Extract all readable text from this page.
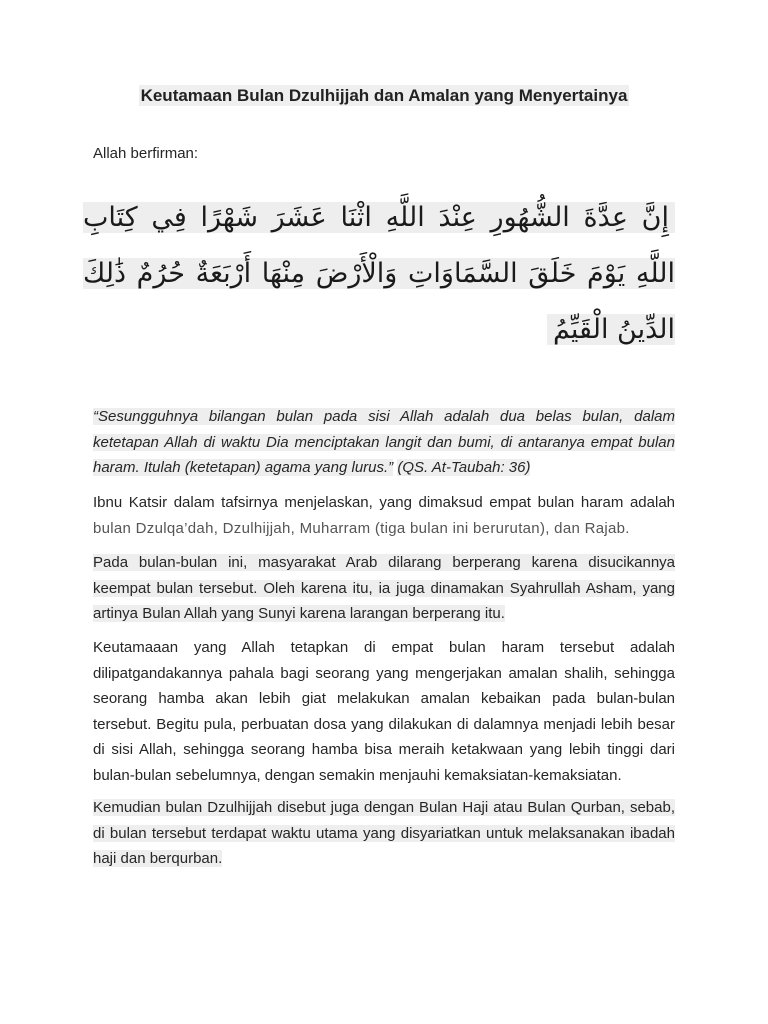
Keutamaan Bulan Dzulhijjah dan Amalan yang Menyertainya
Allah berfirman:
إِنَّ عِدَّةَ الشُّهُورِ عِنْدَ اللَّهِ اثْنَا عَشَرَ شَهْرًا فِي كِتَابِ اللَّهِ يَوْمَ خَلَقَ السَّمَاوَاتِ وَالْأَرْضَ مِنْهَا أَرْبَعَةٌ حُرُمٌ ذَٰلِكَ الدِّينُ الْقَيِّمُ
“Sesungguhnya bilangan bulan pada sisi Allah adalah dua belas bulan, dalam ketetapan Allah di waktu Dia menciptakan langit dan bumi, di antaranya empat bulan haram. Itulah (ketetapan) agama yang lurus.” (QS. At-Taubah: 36)
Ibnu Katsir dalam tafsirnya menjelaskan, yang dimaksud empat bulan haram adalah bulan Dzulqa’dah, Dzulhijjah, Muharram (tiga bulan ini berurutan), dan Rajab.
Pada bulan-bulan ini, masyarakat Arab dilarang berperang karena disucikannya keempat bulan tersebut. Oleh karena itu, ia juga dinamakan Syahrullah Asham, yang artinya Bulan Allah yang Sunyi karena larangan berperang itu.
Keutamaaan yang Allah tetapkan di empat bulan haram tersebut adalah dilipatgandakannya pahala bagi seorang yang mengerjakan amalan shalih, sehingga seorang hamba akan lebih giat melakukan amalan kebaikan pada bulan-bulan tersebut. Begitu pula, perbuatan dosa yang dilakukan di dalamnya menjadi lebih besar di sisi Allah, sehingga seorang hamba bisa meraih ketakwaan yang lebih tinggi dari bulan-bulan sebelumnya, dengan semakin menjauhi kemaksiatan-kemaksiatan.
Kemudian bulan Dzulhijjah disebut juga dengan Bulan Haji atau Bulan Qurban, sebab, di bulan tersebut terdapat waktu utama yang disyariatkan untuk melaksanakan ibadah haji dan berqurban.
